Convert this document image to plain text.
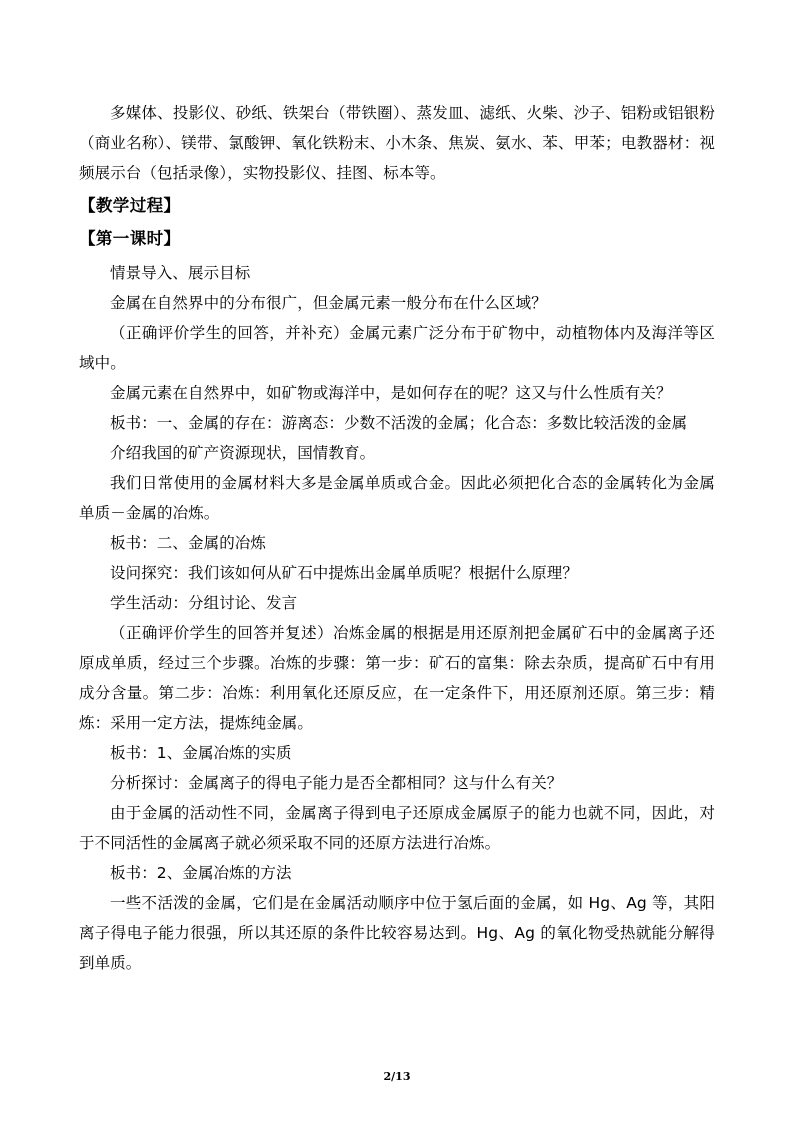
多媒体、投影仪、砂纸、铁架台（带铁圈）、蒸发皿、滤纸、火柴、沙子、铝粉或铝银粉（商业名称）、镁带、氯酸钾、氧化铁粉末、小木条、焦炭、氨水、苯、甲苯；电教器材：视频展示台（包括录像），实物投影仪、挂图、标本等。

【教学过程】
【第一课时】

情景导入、展示目标

金属在自然界中的分布很广，但金属元素一般分布在什么区域？

（正确评价学生的回答，并补充）金属元素广泛分布于矿物中，动植物体内及海洋等区域中。

金属元素在自然界中，如矿物或海洋中，是如何存在的呢？这又与什么性质有关？

板书：一、金属的存在：游离态：少数不活泼的金属；化合态：多数比较活泼的金属

介绍我国的矿产资源现状，国情教育。

我们日常使用的金属材料大多是金属单质或合金。因此必须把化合态的金属转化为金属单质－金属的冶炼。

板书：二、金属的冶炼

设问探究：我们该如何从矿石中提炼出金属单质呢？根据什么原理？

学生活动：分组讨论、发言

（正确评价学生的回答并复述）冶炼金属的根据是用还原剂把金属矿石中的金属离子还原成单质，经过三个步骤。冶炼的步骤：第一步：矿石的富集：除去杂质，提高矿石中有用成分含量。第二步：冶炼：利用氧化还原反应，在一定条件下，用还原剂还原。第三步：精炼：采用一定方法，提炼纯金属。

板书：1、金属冶炼的实质

分析探讨：金属离子的得电子能力是否全都相同？这与什么有关？

由于金属的活动性不同，金属离子得到电子还原成金属原子的能力也就不同，因此，对于不同活性的金属离子就必须采取不同的还原方法进行冶炼。

板书：2、金属冶炼的方法

一些不活泼的金属，它们是在金属活动顺序中位于氢后面的金属，如 Hg、Ag 等，其阳离子得电子能力很强，所以其还原的条件比较容易达到。Hg、Ag 的氧化物受热就能分解得到单质。

2/13
